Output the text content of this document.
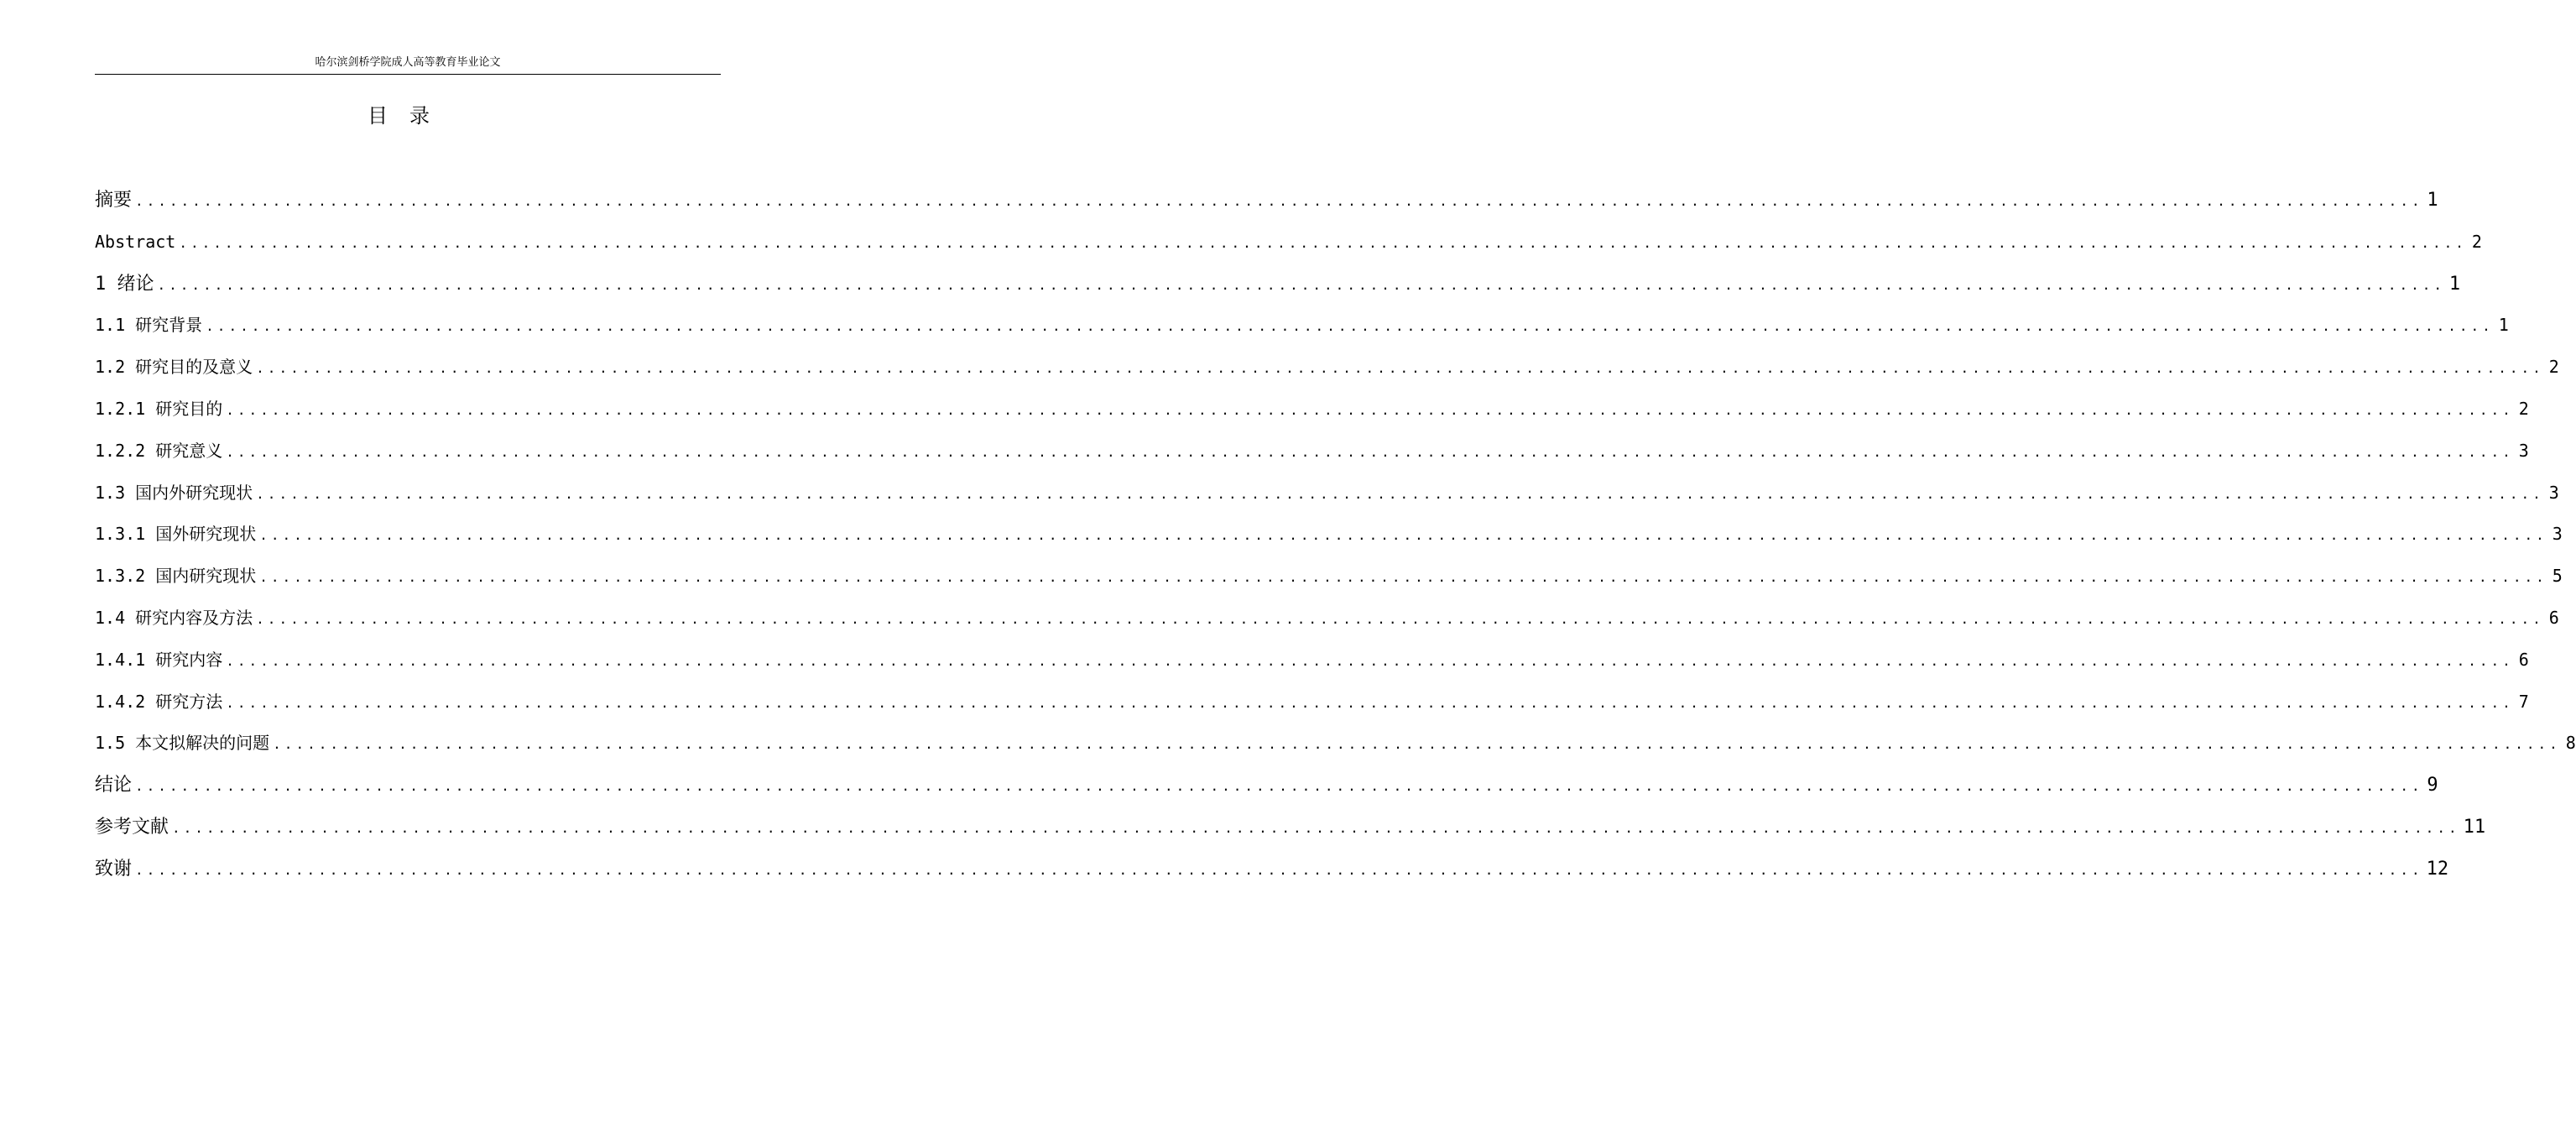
哈尔滨剑桥学院成人高等教育毕业论文
目录
摘要 ........................................................................................................................................................................................................ 1
Abstract ........................................................................................................................................................................................................ 2
1 绪论 ........................................................................................................................................................................................................ 1
1.1 研究背景 ........................................................................................................................................................................................................ 1
1.2 研究目的及意义 ........................................................................................................................................................................................................ 2
1.2.1 研究目的 ........................................................................................................................................................................................................ 2
1.2.2 研究意义 ........................................................................................................................................................................................................ 3
1.3 国内外研究现状 ........................................................................................................................................................................................................ 3
1.3.1 国外研究现状 ........................................................................................................................................................................................................ 3
1.3.2 国内研究现状 ........................................................................................................................................................................................................ 5
1.4 研究内容及方法 ........................................................................................................................................................................................................ 6
1.4.1 研究内容 ........................................................................................................................................................................................................ 6
1.4.2 研究方法 ........................................................................................................................................................................................................ 7
1.5 本文拟解决的问题 ........................................................................................................................................................................................................ 8
结论 ........................................................................................................................................................................................................ 9
参考文献 ........................................................................................................................................................................................................ 11
致谢 ........................................................................................................................................................................................................ 12
